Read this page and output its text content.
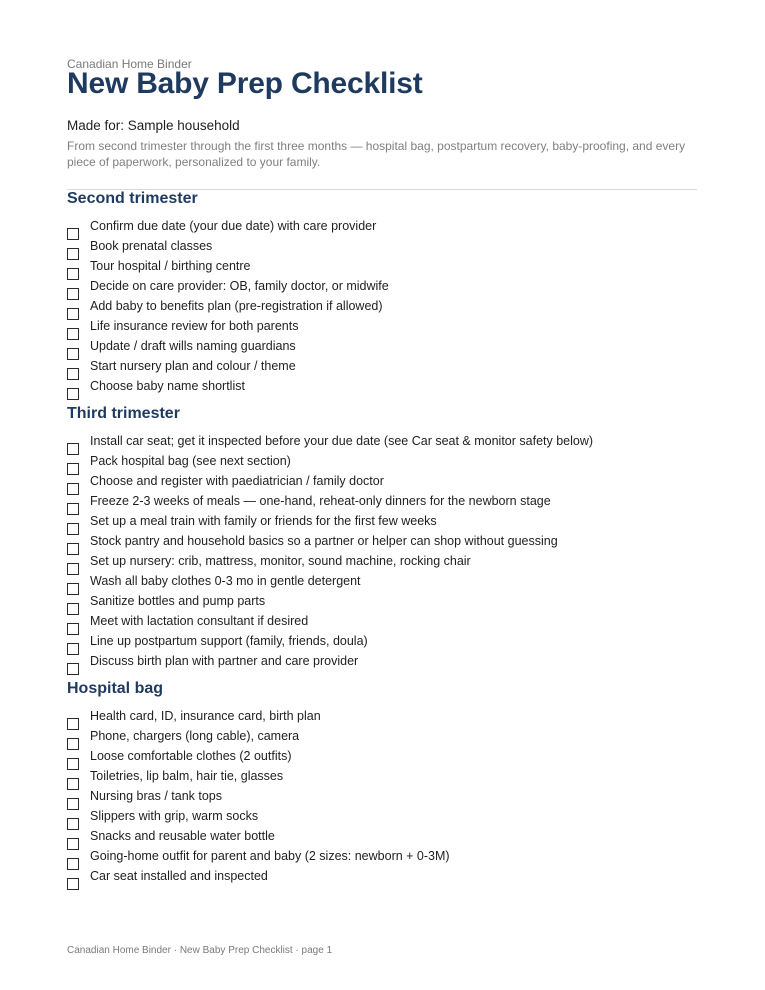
Canadian Home Binder
New Baby Prep Checklist
Made for: Sample household
From second trimester through the first three months — hospital bag, postpartum recovery, baby-proofing, and every piece of paperwork, personalized to your family.
Second trimester
Confirm due date (your due date) with care provider
Book prenatal classes
Tour hospital / birthing centre
Decide on care provider: OB, family doctor, or midwife
Add baby to benefits plan (pre-registration if allowed)
Life insurance review for both parents
Update / draft wills naming guardians
Start nursery plan and colour / theme
Choose baby name shortlist
Third trimester
Install car seat; get it inspected before your due date (see Car seat & monitor safety below)
Pack hospital bag (see next section)
Choose and register with paediatrician / family doctor
Freeze 2-3 weeks of meals — one-hand, reheat-only dinners for the newborn stage
Set up a meal train with family or friends for the first few weeks
Stock pantry and household basics so a partner or helper can shop without guessing
Set up nursery: crib, mattress, monitor, sound machine, rocking chair
Wash all baby clothes 0-3 mo in gentle detergent
Sanitize bottles and pump parts
Meet with lactation consultant if desired
Line up postpartum support (family, friends, doula)
Discuss birth plan with partner and care provider
Hospital bag
Health card, ID, insurance card, birth plan
Phone, chargers (long cable), camera
Loose comfortable clothes (2 outfits)
Toiletries, lip balm, hair tie, glasses
Nursing bras / tank tops
Slippers with grip, warm socks
Snacks and reusable water bottle
Going-home outfit for parent and baby (2 sizes: newborn + 0-3M)
Car seat installed and inspected
Canadian Home Binder · New Baby Prep Checklist · page 1
